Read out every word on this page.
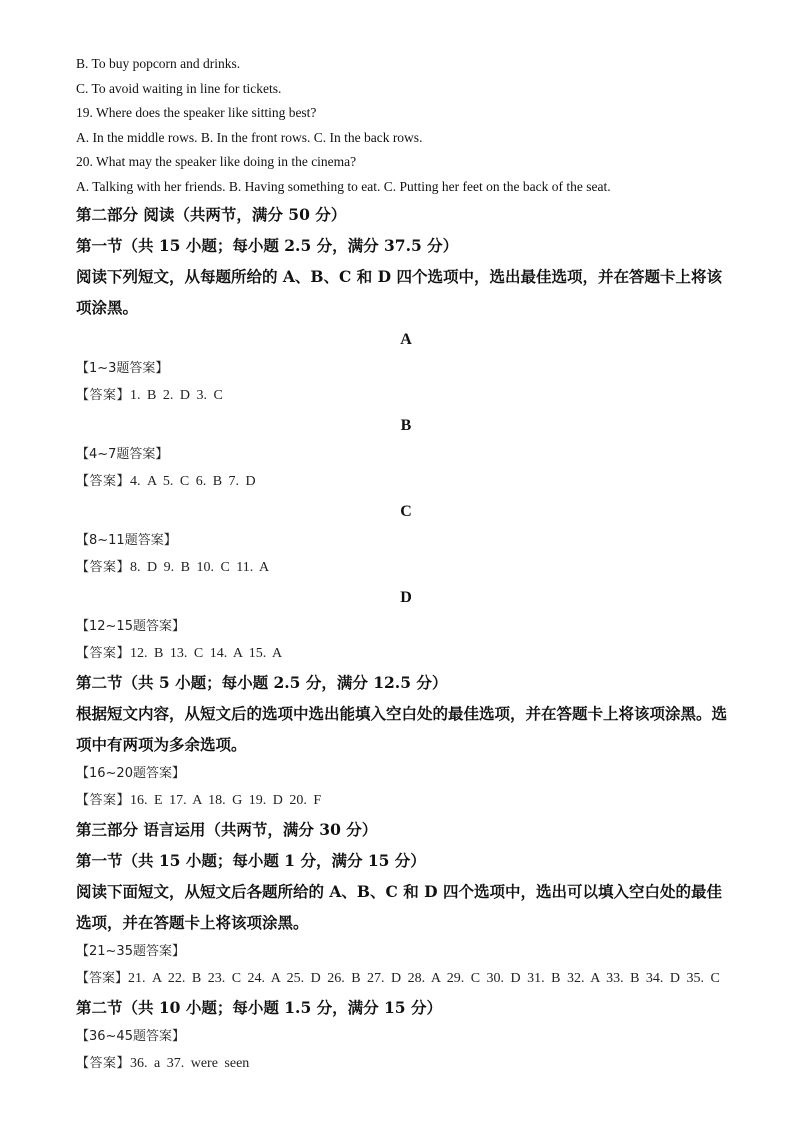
B. To buy popcorn and drinks.
C. To avoid waiting in line for tickets.
19. Where does the speaker like sitting best?
A. In the middle rows. B. In the front rows. C. In the back rows.
20. What may the speaker like doing in the cinema?
A. Talking with her friends. B. Having something to eat. C. Putting her feet on the back of the seat.
第二部分 阅读（共两节，满分 50 分）
第一节（共 15 小题；每小题 2.5 分，满分 37.5 分）
阅读下列短文，从每题所给的 A、B、C 和 D 四个选项中，选出最佳选项，并在答题卡上将该项涂黑。
A
【1~3题答案】
【答案】1. B 2. D 3. C
B
【4~7题答案】
【答案】4. A 5. C 6. B 7. D
C
【8~11题答案】
【答案】8. D 9. B 10. C 11. A
D
【12~15题答案】
【答案】12. B 13. C 14. A 15. A
第二节（共 5 小题；每小题 2.5 分，满分 12.5 分）
根据短文内容，从短文后的选项中选出能填入空白处的最佳选项，并在答题卡上将该项涂黑。选项中有两项为多余选项。
【16~20题答案】
【答案】16. E 17. A 18. G 19. D 20. F
第三部分 语言运用（共两节，满分 30 分）
第一节（共 15 小题；每小题 1 分，满分 15 分）
阅读下面短文，从短文后各题所给的 A、B、C 和 D 四个选项中，选出可以填入空白处的最佳选项，并在答题卡上将该项涂黑。
【21~35题答案】
【答案】21. A 22. B 23. C 24. A 25. D 26. B 27. D 28. A 29. C 30. D 31. B 32. A 33. B 34. D 35. C
第二节（共 10 小题；每小题 1.5 分，满分 15 分）
【36~45题答案】
【答案】36. a 37. were seen
